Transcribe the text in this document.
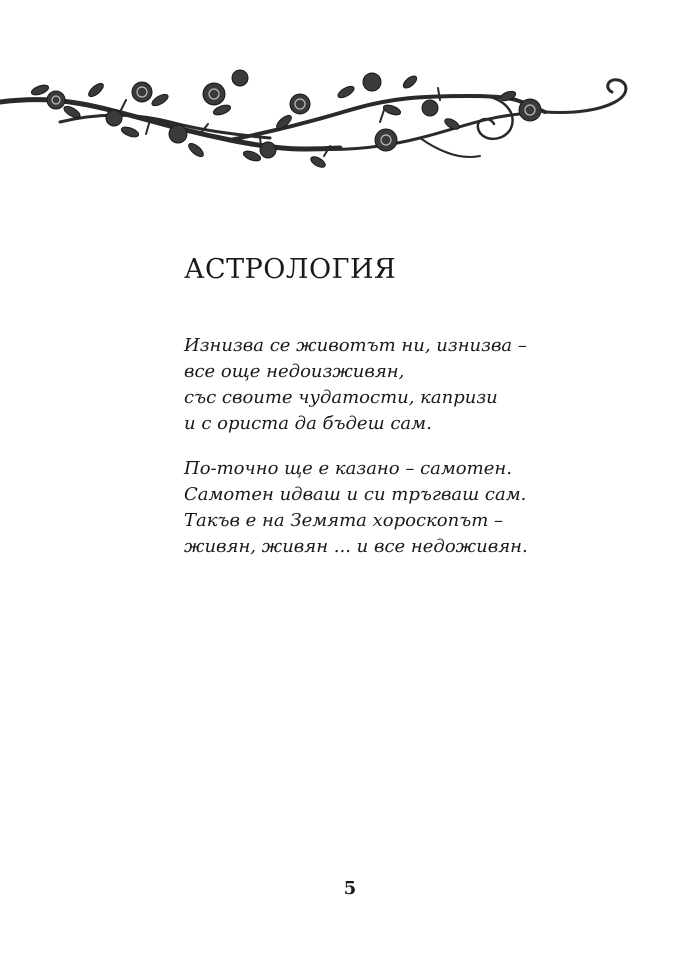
АСТРОЛОГИЯ
Изнизва се животът ни, изнизва –
все още недоизживян,
със своите чудатости, капризи
и с ориста да бъдеш сам.
По-точно ще е казано – самотен.
Самотен идваш и си тръгваш сам.
Такъв е на Земята хороскопът –
живян, живян ... и все недоживян.
5
